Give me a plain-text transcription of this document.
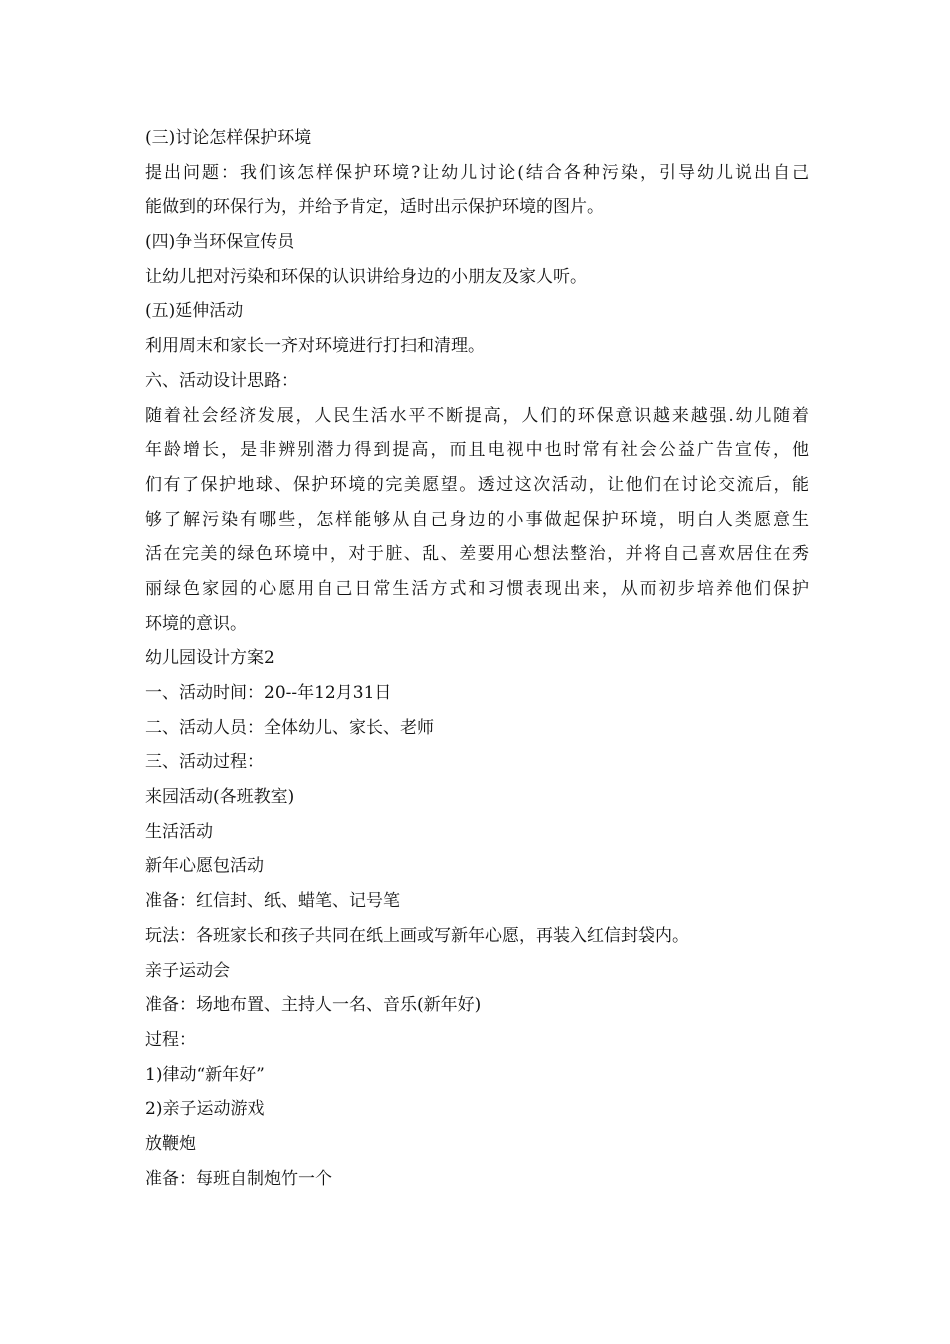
(三)讨论怎样保护环境
提出问题：我们该怎样保护环境?让幼儿讨论(结合各种污染，引导幼儿说出自己
能做到的环保行为，并给予肯定，适时出示保护环境的图片。
(四)争当环保宣传员
让幼儿把对污染和环保的认识讲给身边的小朋友及家人听。
(五)延伸活动
利用周末和家长一齐对环境进行打扫和清理。
六、活动设计思路：
随着社会经济发展，人民生活水平不断提高，人们的环保意识越来越强.幼儿随着
年龄增长，是非辨别潜力得到提高，而且电视中也时常有社会公益广告宣传，他
们有了保护地球、保护环境的完美愿望。透过这次活动，让他们在讨论交流后，能
够了解污染有哪些，怎样能够从自己身边的小事做起保护环境，明白人类愿意生
活在完美的绿色环境中，对于脏、乱、差要用心想法整治，并将自己喜欢居住在秀
丽绿色家园的心愿用自己日常生活方式和习惯表现出来，从而初步培养他们保护
环境的意识。
幼儿园设计方案2
一、活动时间：20--年12月31日
二、活动人员：全体幼儿、家长、老师
三、活动过程：
来园活动(各班教室)
生活活动
新年心愿包活动
准备：红信封、纸、蜡笔、记号笔
玩法：各班家长和孩子共同在纸上画或写新年心愿，再装入红信封袋内。
亲子运动会
准备：场地布置、主持人一名、音乐(新年好)
过程：
1)律动“新年好”
2)亲子运动游戏
放鞭炮
准备：每班自制炮竹一个
